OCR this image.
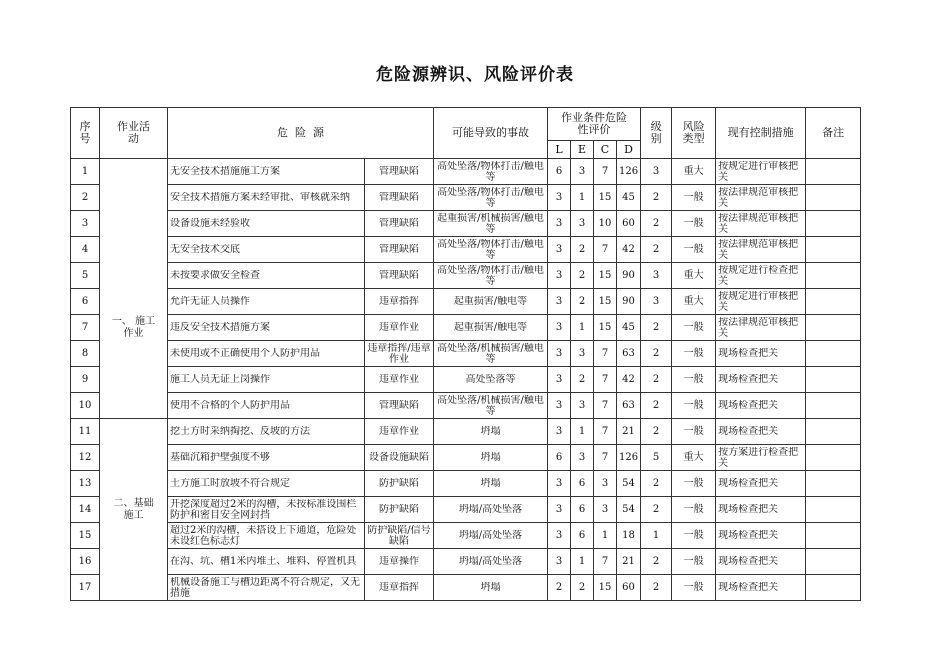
危险源辨识、风险评价表
序号	作业活动	危  险  源		可能导致的事故	作业条件危险性评价				级别	风险类型	现有控制措施	备注
					L	E	C	D				
1	一、 施工作业	无安全技术措施施工方案	管理缺陷	高处坠落/物体打击/触电等	6	3	7	126	3	重大	按规定进行审核把关	

2		安全技术措施方案未经审批、审核就采纳	管理缺陷	高处坠落/物体打击/触电等	3	1	15	45	2	一般	按法律规范审核把关	

3		设备设施未经验收	管理缺陷	起重损害/机械损害/触电等	3	3	10	60	2	一般	按法律规范审核把关	

4		无安全技术交底	管理缺陷	高处坠落/物体打击/触电等	3	2	7	42	2	一般	按法律规范审核把关	

5		未按要求做安全检查	管理缺陷	高处坠落/物体打击/触电等	3	2	15	90	3	重大	按规定进行检查把关	

6		允许无证人员操作	违章指挥	起重损害/触电等	3	2	15	90	3	重大	按规定进行审核把关	

7		违反安全技术措施方案	违章作业	起重损害/触电等	3	1	15	45	2	一般	按法律规范审核把关	

8		未使用或不正确使用个人防护用品	违章指挥/违章作业	高处坠落/机械损害/触电等	3	3	7	63	2	一般	现场检查把关	

9		施工人员无证上岗操作	违章作业	高处坠落等	3	2	7	42	2	一般	现场检查把关	

10		使用不合格的个人防护用品	管理缺陷	高处坠落/机械损害/触电等	3	3	7	63	2	一般	现场检查把关	

11	二、基础施工	挖土方时采纳掏挖、反坡的方法	违章作业	坍塌	3	1	7	21	2	一般	现场检查把关	

12		基础沉箱护壁强度不够	设备设施缺陷	坍塌	6	3	7	126	5	重大	按方案进行检查把关	

13		土方施工时放坡不符合规定	防护缺陷	坍塌	3	6	3	54	2	一般	现场检查把关	

14		开挖深度超过2米的沟槽，未按标准设围栏防护和密目安全网封挡	防护缺陷	坍塌/高处坠落	3	6	3	54	2	一般	现场检查把关	

15		超过2米的沟槽，未搭设上下通道，危险处未设红色标志灯	防护缺陷/信号缺陷	坍塌/高处坠落	3	6	1	18	1	一般	现场检查把关	

16		在沟、坑、槽1米内堆土、堆料、停置机具	违章操作	坍塌/高处坠落	3	1	7	21	2	一般	现场检查把关	

17		机械设备施工与槽边距离不符合规定，又无措施	违章指挥	坍塌	2	2	15	60	2	一般	现场检查把关	
